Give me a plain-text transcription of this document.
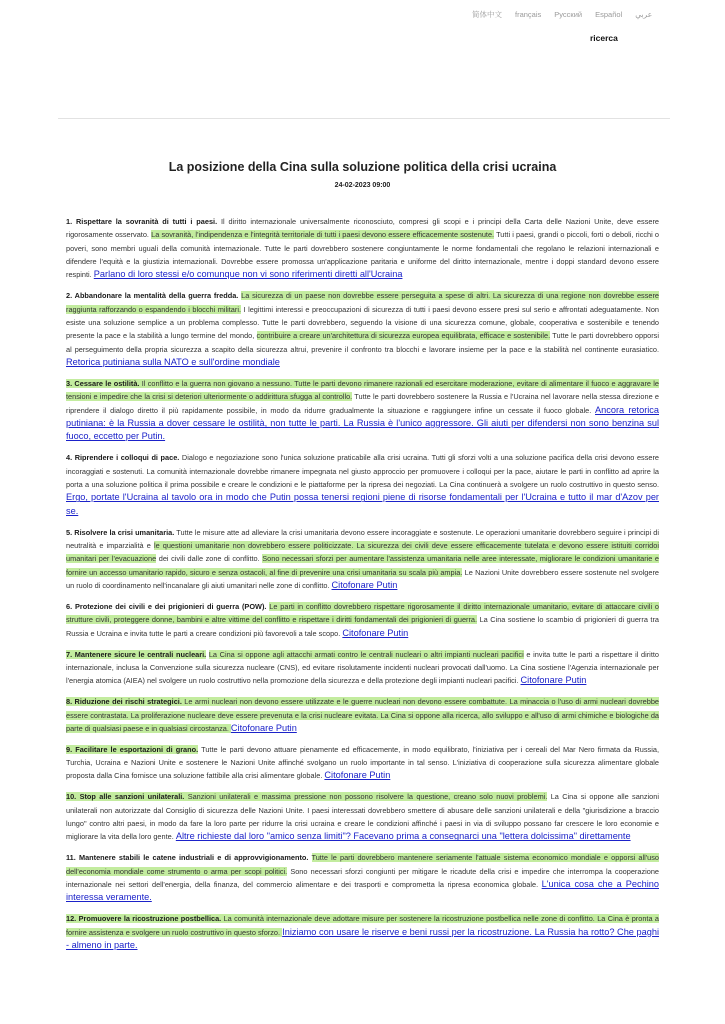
简体中文 français Русский Español عربي
ricerca
La posizione della Cina sulla soluzione politica della crisi ucraina
24-02-2023 09:00

1. Rispettare la sovranità di tutti i paesi. Il diritto internazionale universalmente riconosciuto, compresi gli scopi e i principi della Carta delle Nazioni Unite, deve essere rigorosamente osservato. La sovranità, l'indipendenza e l'integrità territoriale di tutti i paesi devono essere efficacemente sostenute. Tutti i paesi, grandi o piccoli, forti o deboli, ricchi o poveri, sono membri uguali della comunità internazionale. Tutte le parti dovrebbero sostenere congiuntamente le norme fondamentali che regolano le relazioni internazionali e difendere l'equità e la giustizia internazionali. Dovrebbe essere promossa un'applicazione paritaria e uniforme del diritto internazionale, mentre i doppi standard devono essere respinti. Parlano di loro stessi e/o comunque non vi sono riferimenti diretti all'Ucraina

2. Abbandonare la mentalità della guerra fredda. La sicurezza di un paese non dovrebbe essere perseguita a spese di altri. La sicurezza di una regione non dovrebbe essere raggiunta rafforzando o espandendo i blocchi militari. I legittimi interessi e preoccupazioni di sicurezza di tutti i paesi devono essere presi sul serio e affrontati adeguatamente. Non esiste una soluzione semplice a un problema complesso. Tutte le parti dovrebbero, seguendo la visione di una sicurezza comune, globale, cooperativa e sostenibile e tenendo presente la pace e la stabilità a lungo termine del mondo, contribuire a creare un'architettura di sicurezza europea equilibrata, efficace e sostenibile. Tutte le parti dovrebbero opporsi al perseguimento della propria sicurezza a scapito della sicurezza altrui, prevenire il confronto tra blocchi e lavorare insieme per la pace e la stabilità nel continente eurasiatico. Retorica putiniana sulla NATO e sull'ordine mondiale

3. Cessare le ostilità. Il conflitto e la guerra non giovano a nessuno. Tutte le parti devono rimanere razionali ed esercitare moderazione, evitare di alimentare il fuoco e aggravare le tensioni e impedire che la crisi si deteriori ulteriormente o addirittura sfugga al controllo. Tutte le parti dovrebbero sostenere la Russia e l'Ucraina nel lavorare nella stessa direzione e riprendere il dialogo diretto il più rapidamente possibile, in modo da ridurre gradualmente la situazione e raggiungere infine un cessate il fuoco globale. Ancora retorica putiniana: è la Russia a dover cessare le ostilità, non tutte le parti. La Russia è l'unico aggressore. Gli aiuti per difendersi non sono benzina sul fuoco, eccetto per Putin.

4. Riprendere i colloqui di pace. Dialogo e negoziazione sono l'unica soluzione praticabile alla crisi ucraina. Tutti gli sforzi volti a una soluzione pacifica della crisi devono essere incoraggiati e sostenuti. La comunità internazionale dovrebbe rimanere impegnata nel giusto approccio per promuovere i colloqui per la pace, aiutare le parti in conflitto ad aprire la porta a una soluzione politica il prima possibile e creare le condizioni e le piattaforme per la ripresa dei negoziati. La Cina continuerà a svolgere un ruolo costruttivo in questo senso. Ergo, portate l'Ucraina al tavolo ora in modo che Putin possa tenersi regioni piene di risorse fondamentali per l'Ucraina e tutto il mar d'Azov per se.

5. Risolvere la crisi umanitaria. Tutte le misure atte ad alleviare la crisi umanitaria devono essere incoraggiate e sostenute. Le operazioni umanitarie dovrebbero seguire i principi di neutralità e imparzialità e le questioni umanitarie non dovrebbero essere politicizzate. La sicurezza dei civili deve essere efficacemente tutelata e devono essere istituiti corridoi umanitari per l'evacuazione dei civili dalle zone di conflitto. Sono necessari sforzi per aumentare l'assistenza umanitaria nelle aree interessate, migliorare le condizioni umanitarie e fornire un accesso umanitario rapido, sicuro e senza ostacoli, al fine di prevenire una crisi umanitaria su scala più ampia. Le Nazioni Unite dovrebbero essere sostenute nel svolgere un ruolo di coordinamento nell'incanalare gli aiuti umanitari nelle zone di conflitto. Citofonare Putin

6. Protezione dei civili e dei prigionieri di guerra (POW). Le parti in conflitto dovrebbero rispettare rigorosamente il diritto internazionale umanitario, evitare di attaccare civili o strutture civili, proteggere donne, bambini e altre vittime del conflitto e rispettare i diritti fondamentali dei prigionieri di guerra. La Cina sostiene lo scambio di prigionieri di guerra tra Russia e Ucraina e invita tutte le parti a creare condizioni più favorevoli a tale scopo. Citofonare Putin

7. Mantenere sicure le centrali nucleari. La Cina si oppone agli attacchi armati contro le centrali nucleari o altri impianti nucleari pacifici e invita tutte le parti a rispettare il diritto internazionale, inclusa la Convenzione sulla sicurezza nucleare (CNS), ed evitare risolutamente incidenti nucleari provocati dall'uomo. La Cina sostiene l'Agenzia internazionale per l'energia atomica (AIEA) nel svolgere un ruolo costruttivo nella promozione della sicurezza e della protezione degli impianti nucleari pacifici. Citofonare Putin

8. Riduzione dei rischi strategici. Le armi nucleari non devono essere utilizzate e le guerre nucleari non devono essere combattute. La minaccia o l'uso di armi nucleari dovrebbe essere contrastata. La proliferazione nucleare deve essere prevenuta e la crisi nucleare evitata. La Cina si oppone alla ricerca, allo sviluppo e all'uso di armi chimiche e biologiche da parte di qualsiasi paese e in qualsiasi circostanza. Citofonare Putin

9. Facilitare le esportazioni di grano. Tutte le parti devono attuare pienamente ed efficacemente, in modo equilibrato, l'iniziativa per i cereali del Mar Nero firmata da Russia, Turchia, Ucraina e Nazioni Unite e sostenere le Nazioni Unite affinché svolgano un ruolo importante in tal senso. L'iniziativa di cooperazione sulla sicurezza alimentare globale proposta dalla Cina fornisce una soluzione fattibile alla crisi alimentare globale. Citofonare Putin

10. Stop alle sanzioni unilaterali. Sanzioni unilaterali e massima pressione non possono risolvere la questione, creano solo nuovi problemi. La Cina si oppone alle sanzioni unilaterali non autorizzate dal Consiglio di sicurezza delle Nazioni Unite. I paesi interessati dovrebbero smettere di abusare delle sanzioni unilaterali e della "giurisdizione a braccio lungo" contro altri paesi, in modo da fare la loro parte per ridurre la crisi ucraina e creare le condizioni affinché i paesi in via di sviluppo possano far crescere le loro economie e migliorare la vita della loro gente. Altre richieste dal loro "amico senza limiti"? Facevano prima a consegnarci una "lettera dolcissima" direttamente

11. Mantenere stabili le catene industriali e di approvvigionamento. Tutte le parti dovrebbero mantenere seriamente l'attuale sistema economico mondiale e opporsi all'uso dell'economia mondiale come strumento o arma per scopi politici. Sono necessari sforzi congiunti per mitigare le ricadute della crisi e impedire che interrompa la cooperazione internazionale nei settori dell'energia, della finanza, del commercio alimentare e dei trasporti e comprometta la ripresa economica globale. L'unica cosa che a Pechino interessa veramente.

12. Promuovere la ricostruzione postbellica. La comunità internazionale deve adottare misure per sostenere la ricostruzione postbellica nelle zone di conflitto. La Cina è pronta a fornire assistenza e svolgere un ruolo costruttivo in questo sforzo. Iniziamo con usare le riserve e beni russi per la ricostruzione. La Russia ha rotto? Che paghi - almeno in parte.
